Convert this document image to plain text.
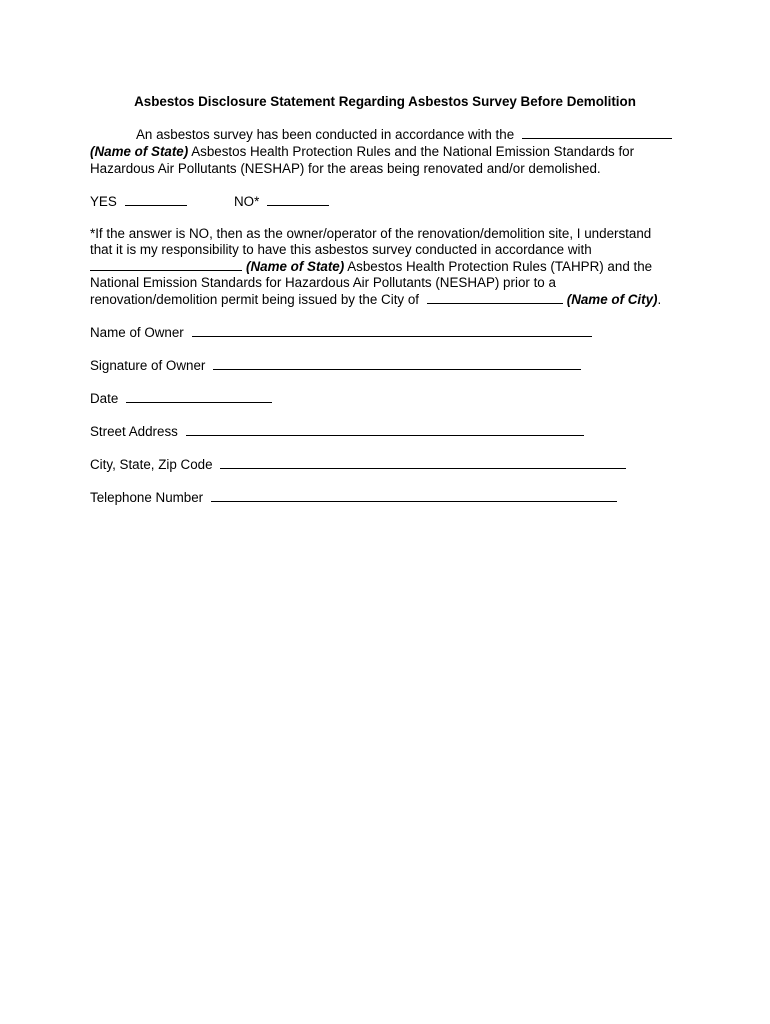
Asbestos Disclosure Statement Regarding Asbestos Survey Before Demolition
An asbestos survey has been conducted in accordance with the
(Name of State) Asbestos Health Protection Rules and the National Emission Standards for
Hazardous Air Pollutants (NESHAP) for the areas being renovated and/or demolished.
YES	NO*
*If the answer is NO, then as the owner/operator of the renovation/demolition site, I understand
that it is my responsibility to have this asbestos survey conducted in accordance with
(Name of State) Asbestos Health Protection Rules (TAHPR) and the
National Emission Standards for Hazardous Air Pollutants (NESHAP) prior to a
renovation/demolition permit being issued by the City of	(Name of City).
Name of Owner
Signature of Owner
Date
Street Address
City, State, Zip Code
Telephone Number
